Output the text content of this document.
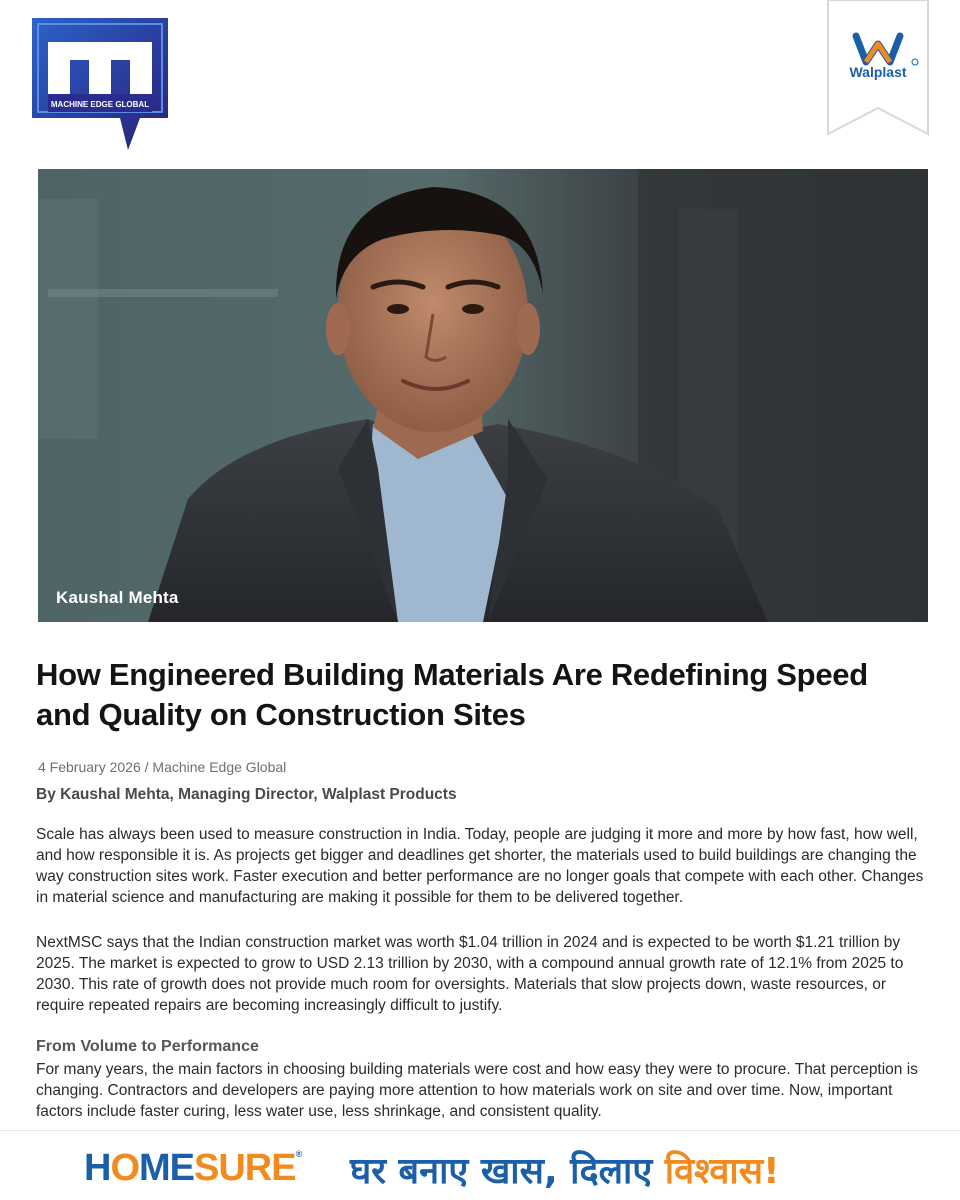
MACHINE EDGE GLOBAL
Walplast
Kaushal Mehta
How Engineered Building Materials Are Redefining Speed and Quality on Construction Sites
4 February 2026 / Machine Edge Global
By Kaushal Mehta, Managing Director, Walplast Products

Scale has always been used to measure construction in India. Today, people are judging it more and more by how fast, how well, and how responsible it is. As projects get bigger and deadlines get shorter, the materials used to build buildings are changing the way construction sites work. Faster execution and better performance are no longer goals that compete with each other. Changes in material science and manufacturing are making it possible for them to be delivered together.

NextMSC says that the Indian construction market was worth $1.04 trillion in 2024 and is expected to be worth $1.21 trillion by 2025. The market is expected to grow to USD 2.13 trillion by 2030, with a compound annual growth rate of 12.1% from 2025 to 2030. This rate of growth does not provide much room for oversights. Materials that slow projects down, waste resources, or require repeated repairs are becoming increasingly difficult to justify.

From Volume to Performance

For many years, the main factors in choosing building materials were cost and how easy they were to procure. That perception is changing. Contractors and developers are paying more attention to how materials work on site and over time. Now, important factors include faster curing, less water use, less shrinkage, and consistent quality.

HOMESURE® घर बनाए खास, दिलाए विश्वास!
